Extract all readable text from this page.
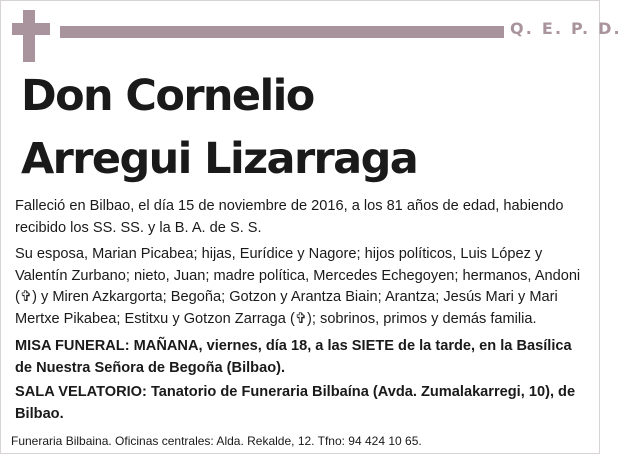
Q. E. P. D.
Don Cornelio
Arregui Lizarraga
Falleció en Bilbao, el día 15 de noviembre de 2016, a los 81 años de edad, habiendo recibido los SS. SS. y la B. A. de S. S.
Su esposa, Marian Picabea; hijas, Eurídice y Nagore; hijos políticos, Luis López y Valentín Zurbano; nieto, Juan; madre política, Mercedes Echegoyen; hermanos, Andoni (✞) y Miren Azkargorta; Begoña; Gotzon y Arantza Biain; Arantza; Jesús Mari y Mari Mertxe Pikabea; Estitxu y Gotzon Zarraga (✞); sobrinos, primos y demás familia.
MISA FUNERAL: MAÑANA, viernes, día 18, a las SIETE de la tarde, en la Basílica de Nuestra Señora de Begoña (Bilbao).
SALA VELATORIO: Tanatorio de Funeraria Bilbaína (Avda. Zumalakarregi, 10), de Bilbao.
Funeraria Bilbaina. Oficinas centrales: Alda. Rekalde, 12. Tfno: 94 424 10 65.
